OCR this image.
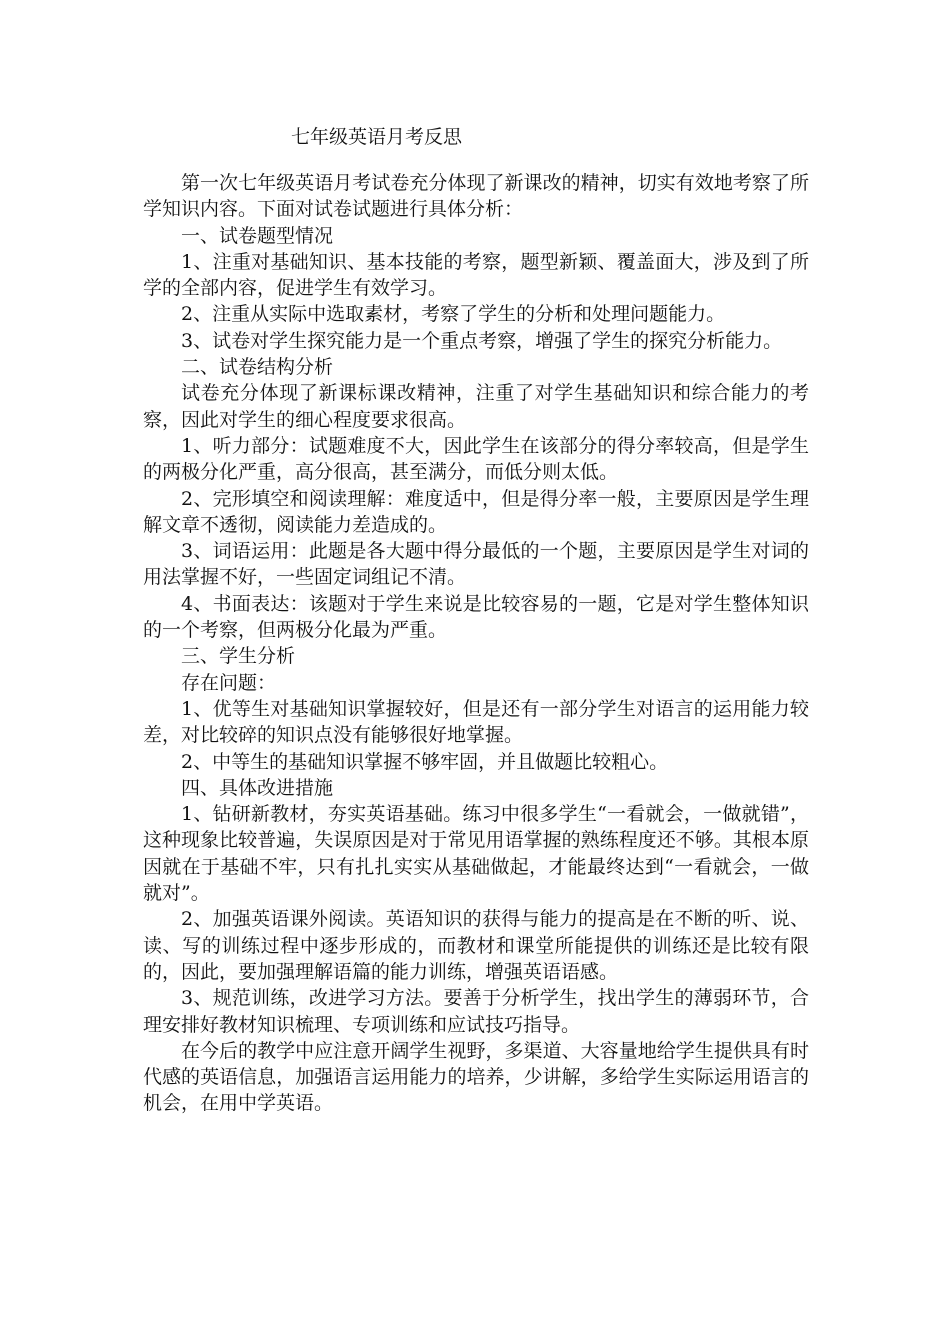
七年级英语月考反思

第一次七年级英语月考试卷充分体现了新课改的精神，切实有效地考察了所学知识内容。下面对试卷试题进行具体分析：

一、试卷题型情况

1、注重对基础知识、基本技能的考察，题型新颖、覆盖面大，涉及到了所学的全部内容，促进学生有效学习。

2、注重从实际中选取素材，考察了学生的分析和处理问题能力。

3、试卷对学生探究能力是一个重点考察，增强了学生的探究分析能力。

二、试卷结构分析

试卷充分体现了新课标课改精神，注重了对学生基础知识和综合能力的考察，因此对学生的细心程度要求很高。

1、听力部分：试题难度不大，因此学生在该部分的得分率较高，但是学生的两极分化严重，高分很高，甚至满分，而低分则太低。

2、完形填空和阅读理解：难度适中，但是得分率一般，主要原因是学生理解文章不透彻，阅读能力差造成的。

3、词语运用：此题是各大题中得分最低的一个题，主要原因是学生对词的用法掌握不好，一些固定词组记不清。

4、书面表达：该题对于学生来说是比较容易的一题，它是对学生整体知识的一个考察，但两极分化最为严重。

三、学生分析

存在问题：

1、优等生对基础知识掌握较好，但是还有一部分学生对语言的运用能力较差，对比较碎的知识点没有能够很好地掌握。

2、中等生的基础知识掌握不够牢固，并且做题比较粗心。

四、具体改进措施

1、钻研新教材，夯实英语基础。练习中很多学生“一看就会，一做就错”，这种现象比较普遍，失误原因是对于常见用语掌握的熟练程度还不够。其根本原因就在于基础不牢，只有扎扎实实从基础做起，才能最终达到“一看就会，一做就对”。

2、加强英语课外阅读。英语知识的获得与能力的提高是在不断的听、说、读、写的训练过程中逐步形成的，而教材和课堂所能提供的训练还是比较有限的，因此，要加强理解语篇的能力训练，增强英语语感。

3、规范训练，改进学习方法。要善于分析学生，找出学生的薄弱环节，合理安排好教材知识梳理、专项训练和应试技巧指导。

在今后的教学中应注意开阔学生视野，多渠道、大容量地给学生提供具有时代感的英语信息，加强语言运用能力的培养，少讲解，多给学生实际运用语言的机会，在用中学英语。
